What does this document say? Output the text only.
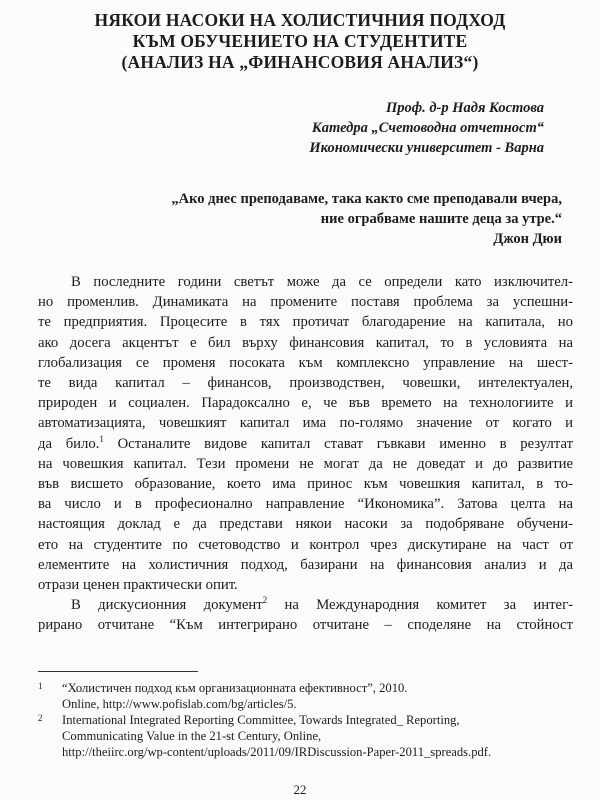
НЯКОИ НАСОКИ НА ХОЛИСТИЧНИЯ ПОДХОД
КЪМ ОБУЧЕНИЕТО НА СТУДЕНТИТЕ
(АНАЛИЗ НА „ФИНАНСОВИЯ АНАЛИЗ“)
Проф. д-р Надя Костова
Катедра „Счетоводна отчетност“
Икономически университет - Варна
„Ако днес преподаваме, така както сме преподавали вчера,
ние ограбваме нашите деца за утре.“
Джон Дюи
В последните години светът може да се определи като изключител-
но променлив. Динамиката на промените поставя проблема за успешни-
те предприятия. Процесите в тях протичат благодарение на капитала, но
ако досега акцентът е бил върху финансовия капитал, то в условията на
глобализация се променя посоката към комплексно управление на шест-
те вида капитал – финансов, производствен, човешки, интелектуален,
природен и социален. Парадоксално е, че във времето на технологиите и
автоматизацията, човешкият капитал има по-голямо значение от когато и
да било.$^1$ Останалите видове капитал стават гъвкави именно в резултат
на човешкия капитал. Тези промени не могат да не доведат и до развитие
във висшето образование, което има принос към човешкия капитал, в то-
ва число и в професионално направление “Икономика”. Затова целта на
настоящия доклад е да представи някои насоки за подобряване обучени-
ето на студентите по счетоводство и контрол чрез дискутиране на част от
елементите на холистичния подход, базирани на финансовия анализ и да
отрази ценен практически опит.
В дискусионния документ$^2$ на Международния комитет за интег-
рирано отчитане “Към интегрирано отчитане – споделяне на стойност
1	“Холистичен подход към организационната ефективност”, 2010.
Online, http://www.pofislab.com/bg/articles/5.
2	International Integrated Reporting Committee, Towards Integrated_ Reporting,
Communicating Value in the 21-st Century, Online,
http://theiirc.org/wp-content/uploads/2011/09/IRDiscussion-Paper-2011_spreads.pdf.
22
